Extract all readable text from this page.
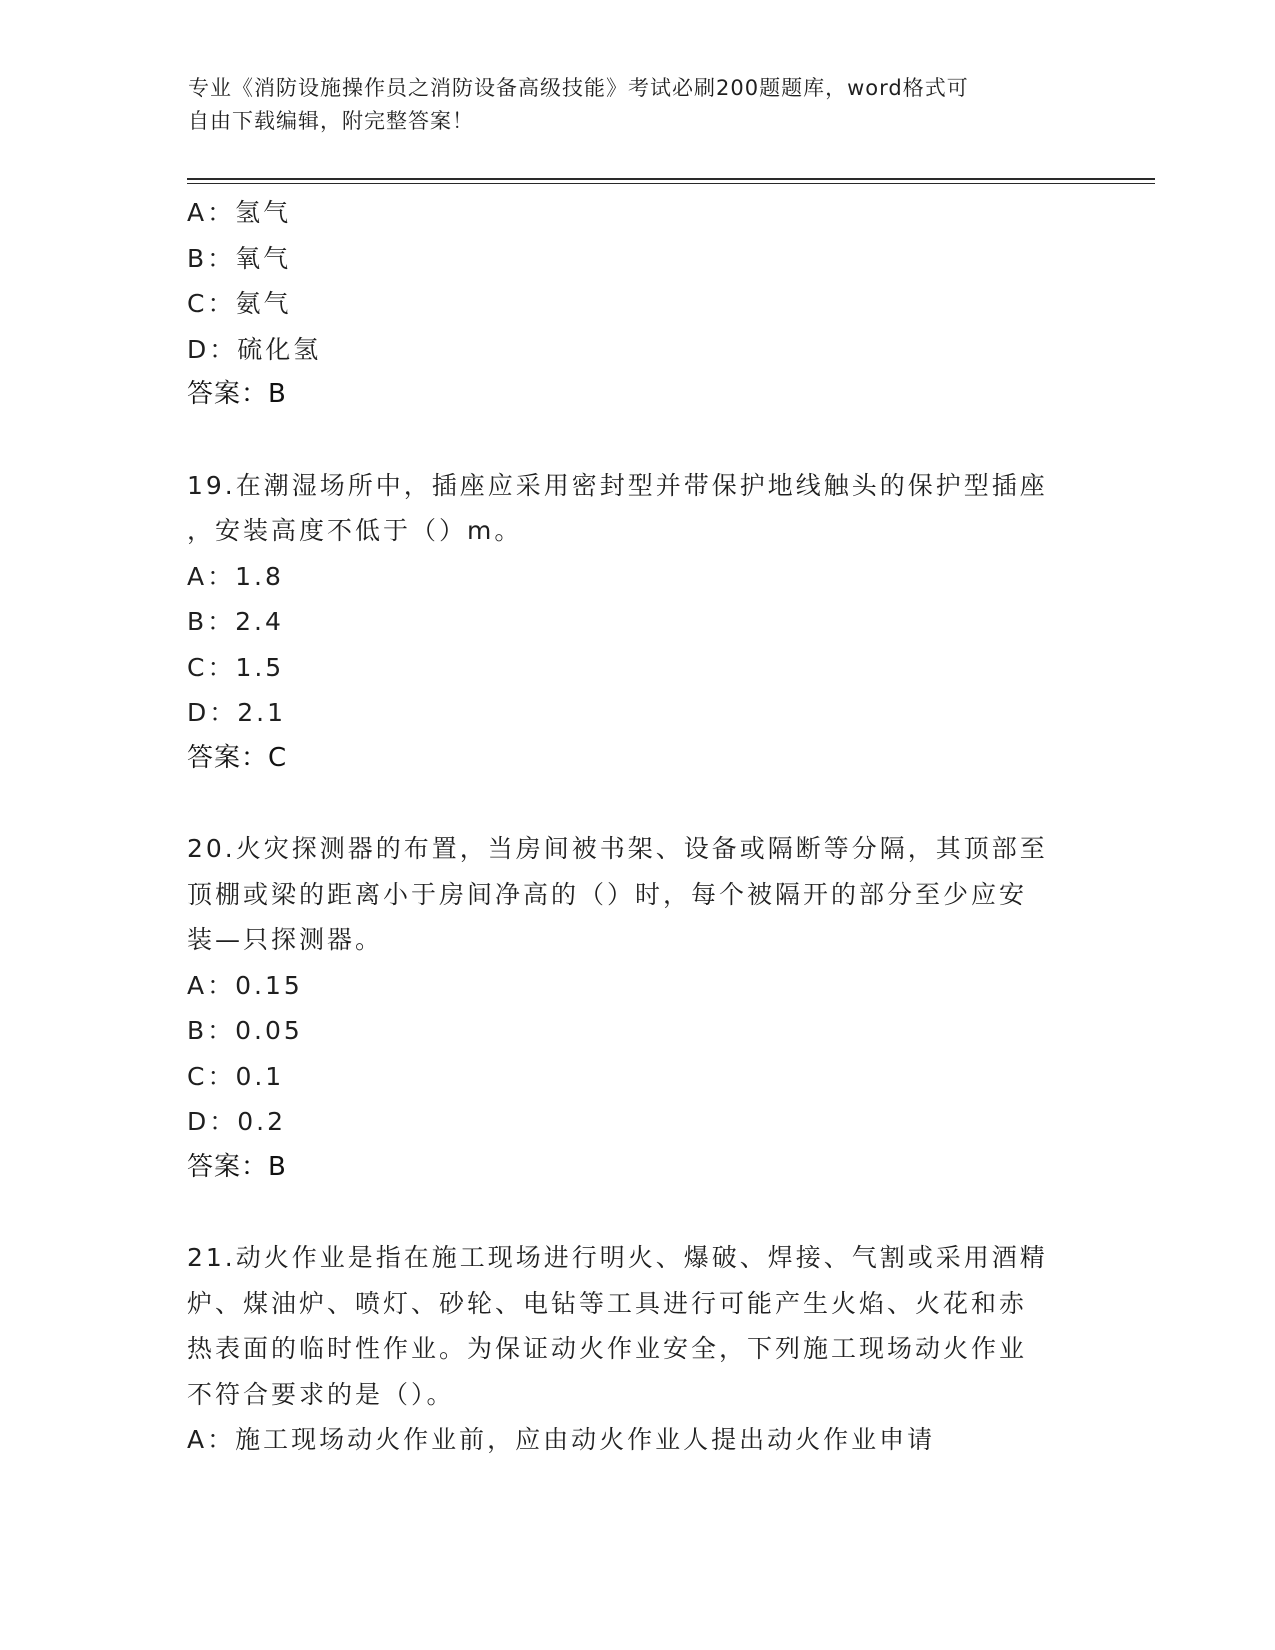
专业《消防设施操作员之消防设备高级技能》考试必刷200题题库，word格式可
自由下载编辑，附完整答案！
A：氢气
B：氧气
C：氨气
D：硫化氢
答案：B
19.在潮湿场所中，插座应采用密封型并带保护地线触头的保护型插座
，安装高度不低于（）m。
A：1.8
B：2.4
C：1.5
D：2.1
答案：C
20.火灾探测器的布置，当房间被书架、设备或隔断等分隔，其顶部至
顶棚或梁的距离小于房间净高的（）时，每个被隔开的部分至少应安
装—只探测器。
A：0.15
B：0.05
C：0.1
D：0.2
答案：B
21.动火作业是指在施工现场进行明火、爆破、焊接、气割或采用酒精
炉、煤油炉、喷灯、砂轮、电钻等工具进行可能产生火焰、火花和赤
热表面的临时性作业。为保证动火作业安全，下列施工现场动火作业
不符合要求的是（）。
A：施工现场动火作业前，应由动火作业人提出动火作业申请
